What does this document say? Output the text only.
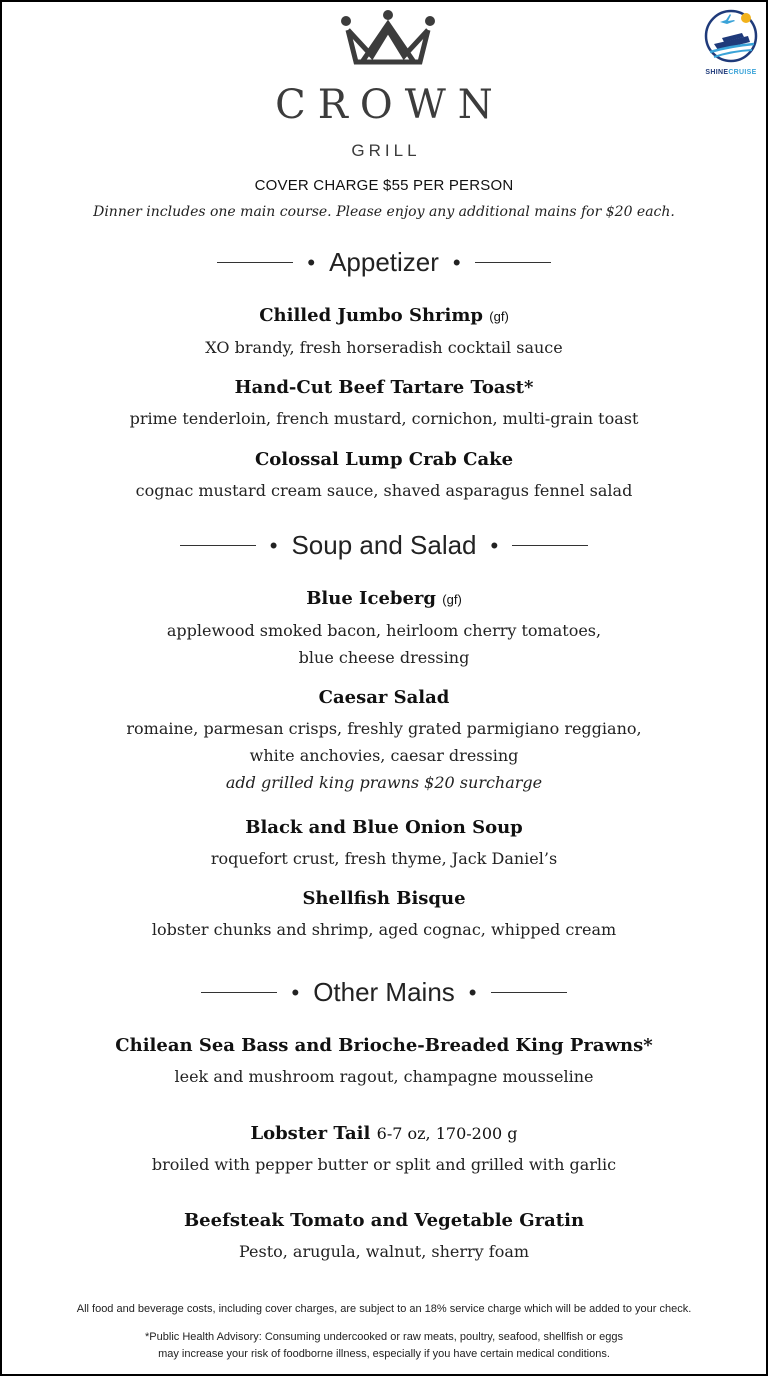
CROWN
GRILL
COVER CHARGE $55 PER PERSON
Dinner includes one main course. Please enjoy any additional mains for $20 each.
SHINECRUISE
• Appetizer •
Chilled Jumbo Shrimp (gf)
XO brandy, fresh horseradish cocktail sauce
Hand-Cut Beef Tartare Toast*
prime tenderloin, french mustard, cornichon, multi-grain toast
Colossal Lump Crab Cake
cognac mustard cream sauce, shaved asparagus fennel salad
• Soup and Salad •
Blue Iceberg (gf)
applewood smoked bacon, heirloom cherry tomatoes,
blue cheese dressing
Caesar Salad
romaine, parmesan crisps, freshly grated parmigiano reggiano,
white anchovies, caesar dressing
add grilled king prawns $20 surcharge
Black and Blue Onion Soup
roquefort crust, fresh thyme, Jack Daniel’s
Shellfish Bisque
lobster chunks and shrimp, aged cognac, whipped cream
• Other Mains •
Chilean Sea Bass and Brioche-Breaded King Prawns*
leek and mushroom ragout, champagne mousseline
Lobster Tail 6-7 oz, 170-200 g
broiled with pepper butter or split and grilled with garlic
Beefsteak Tomato and Vegetable Gratin
Pesto, arugula, walnut, sherry foam
All food and beverage costs, including cover charges, are subject to an 18% service charge which will be added to your check.
*Public Health Advisory: Consuming undercooked or raw meats, poultry, seafood, shellfish or eggs
may increase your risk of foodborne illness, especially if you have certain medical conditions.
